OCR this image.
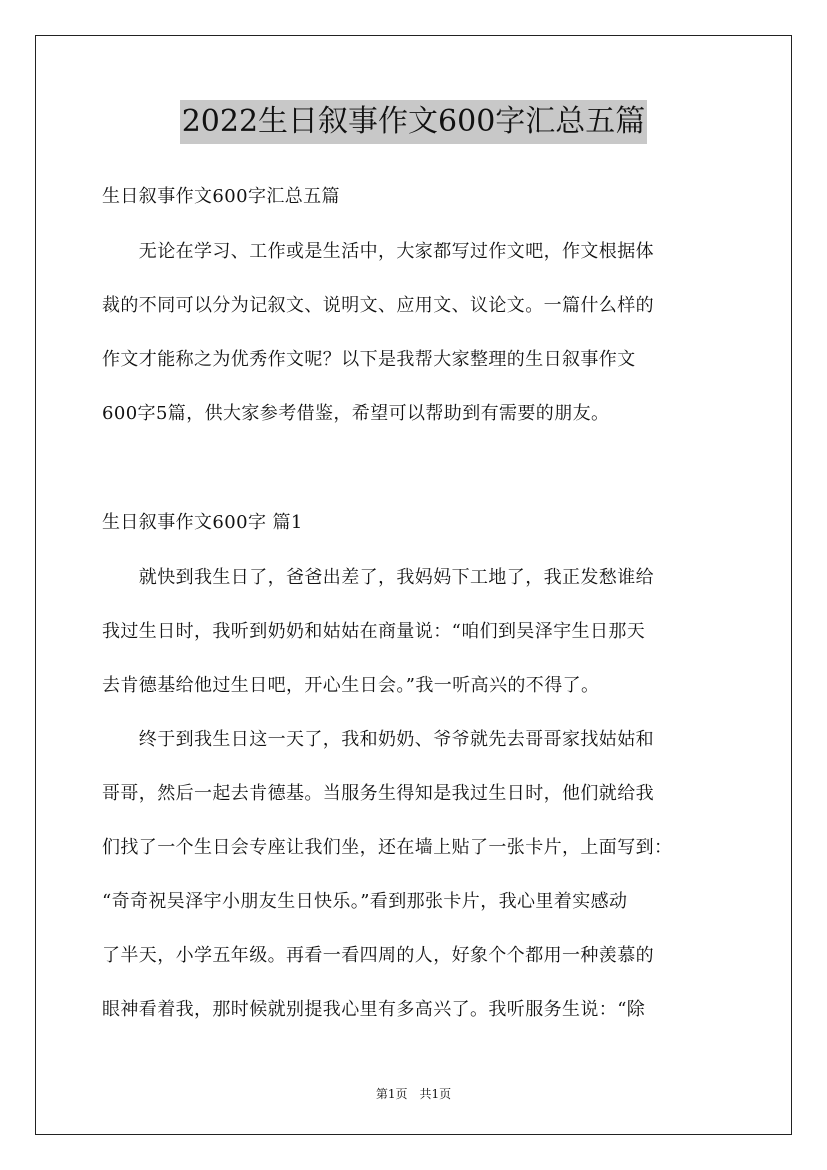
2022生日叙事作文600字汇总五篇
生日叙事作文600字汇总五篇
　　无论在学习、工作或是生活中，大家都写过作文吧，作文根据体
裁的不同可以分为记叙文、说明文、应用文、议论文。一篇什么样的
作文才能称之为优秀作文呢？以下是我帮大家整理的生日叙事作文
600字5篇，供大家参考借鉴，希望可以帮助到有需要的朋友。
生日叙事作文600字 篇1
　　就快到我生日了，爸爸出差了，我妈妈下工地了，我正发愁谁给
我过生日时，我听到奶奶和姑姑在商量说：“咱们到吴泽宇生日那天
去肯德基给他过生日吧，开心生日会。”我一听高兴的不得了。
　　终于到我生日这一天了，我和奶奶、爷爷就先去哥哥家找姑姑和
哥哥，然后一起去肯德基。当服务生得知是我过生日时，他们就给我
们找了一个生日会专座让我们坐，还在墙上贴了一张卡片，上面写到：
“奇奇祝吴泽宇小朋友生日快乐。”看到那张卡片，我心里着实感动
了半天，小学五年级。再看一看四周的人，好象个个都用一种羡慕的
眼神看着我，那时候就别提我心里有多高兴了。我听服务生说：“除
第1页　共1页
